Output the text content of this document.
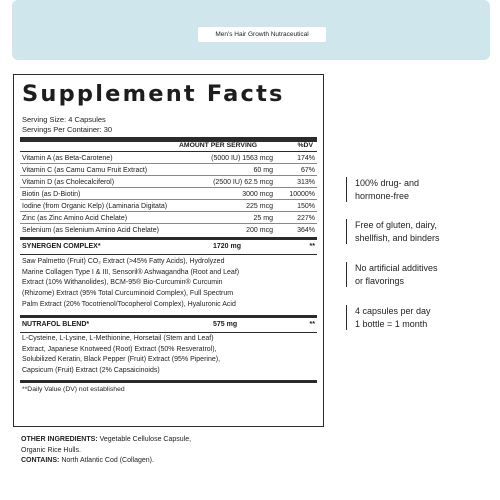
Men's Hair Growth Nutraceutical
Supplement Facts
Serving Size: 4 Capsules
Servings Per Container: 30
AMOUNT PER SERVING	%DV
Vitamin A (as Beta-Carotene)	(5000 IU) 1563 mcg	174%
Vitamin C (as Camu Camu Fruit Extract)	60 mg	67%
Vitamin D (as Cholecalciferol)	(2500 IU) 62.5 mcg	313%
Biotin (as D-Biotin)	3000 mcg 10000%
Iodine (from Organic Kelp) (Laminaria Digitata)	225 mcg	150%
Zinc (as Zinc Amino Acid Chelate)	25 mg	227%
Selenium (as Selenium Amino Acid Chelate)	200 mcg	364%
SYNERGEN COMPLEX*	1720 mg	**
Saw Palmetto (Fruit) CO₂ Extract (>45% Fatty Acids), Hydrolyzed
Marine Collagen Type I & III, Sensoril® Ashwagandha (Root and Leaf)
Extract (10% Withanolides), BCM-95® Bio-Curcumin® Curcumin
(Rhizome) Extract (95% Total Curcuminoid Complex), Full Spectrum
Palm Extract (20% Tocotrienol/Tocopherol Complex), Hyaluronic Acid
NUTRAFOL BLEND*	575 mg	**
L-Cysteine, L-Lysine, L-Methionine, Horsetail (Stem and Leaf)
Extract, Japanese Knotweed (Root) Extract (50% Resveratrol),
Solubilized Keratin, Black Pepper (Fruit) Extract (95% Piperine),
Capsicum (Fruit) Extract (2% Capsaicinoids)
**Daily Value (DV) not established
OTHER INGREDIENTS: Vegetable Cellulose Capsule,
Organic Rice Hulls.
CONTAINS: North Atlantic Cod (Collagen).
100% drug- and
hormone-free
Free of gluten, dairy,
shellfish, and binders
No artificial additives
or flavorings
4 capsules per day
1 bottle = 1 month
